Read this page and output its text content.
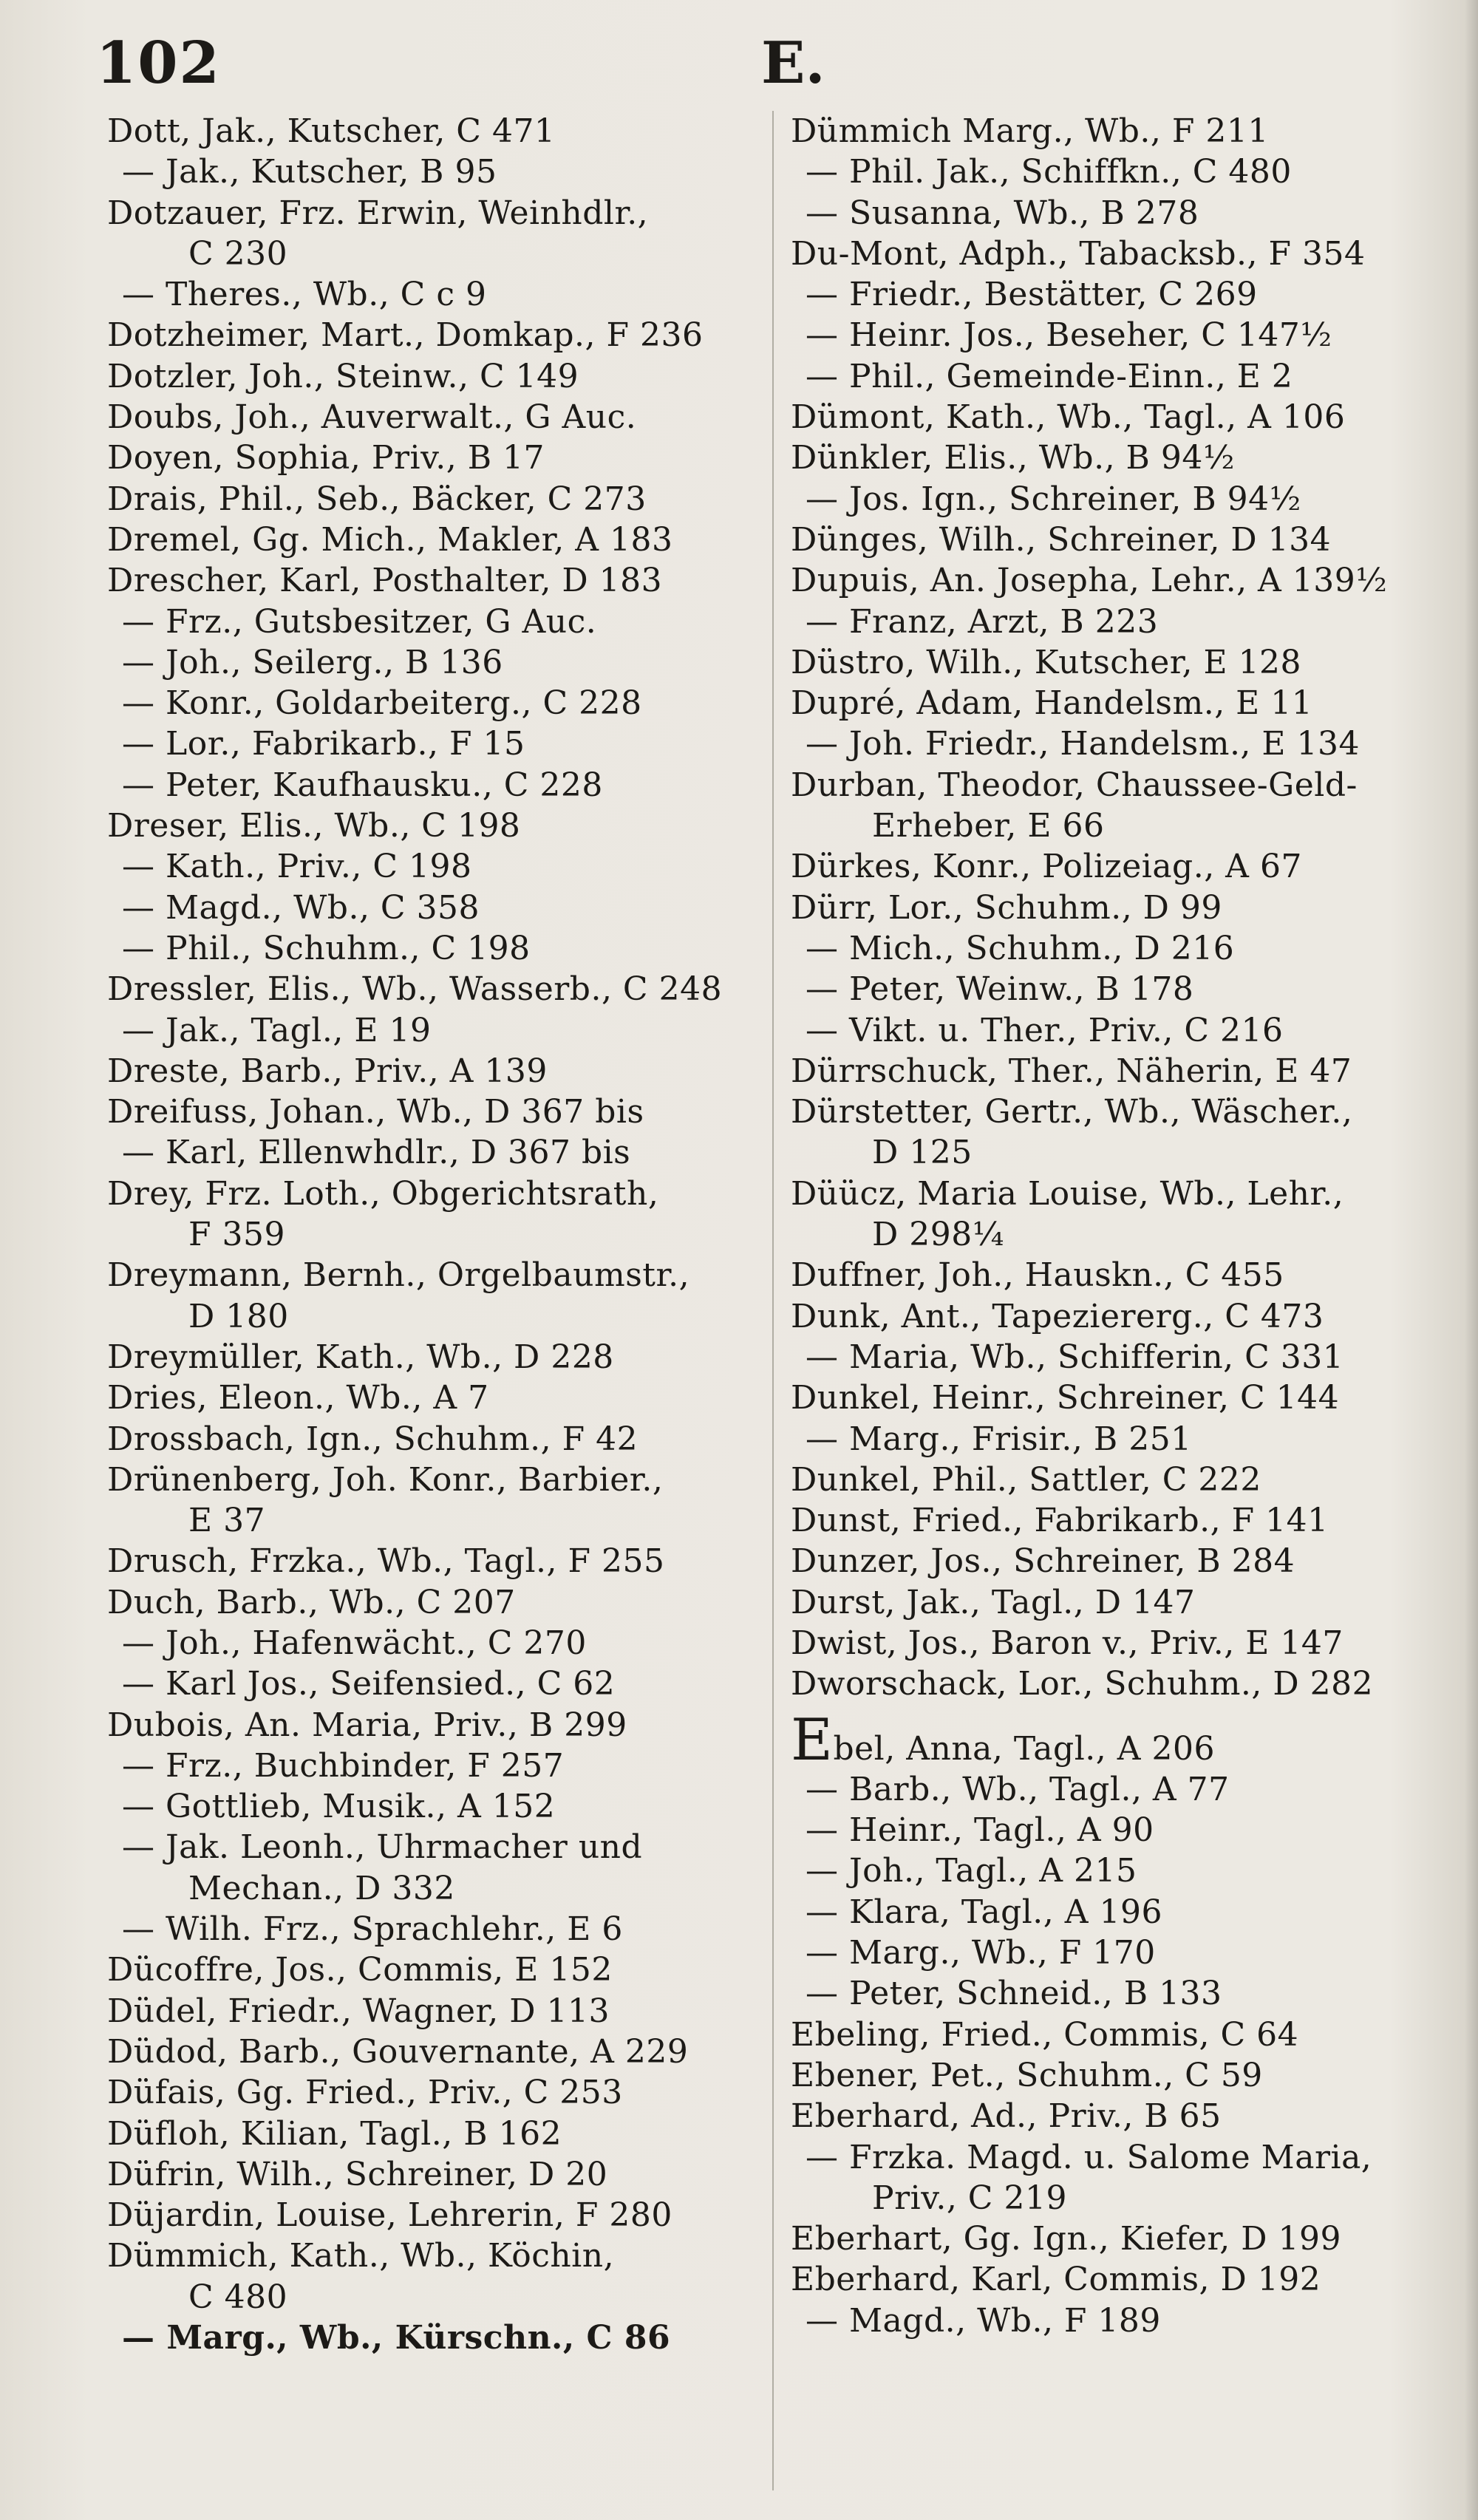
102	E.
Dott, Jak., Kutscher, C 471
— Jak., Kutscher, B 95
Dotzauer, Frz. Erwin, Weinhdlr.,
C 230
— Theres., Wb., C c 9
Dotzheimer, Mart., Domkap., F 236
Dotzler, Joh., Steinw., C 149
Doubs, Joh., Auverwalt., G Auc.
Doyen, Sophia, Priv., B 17
Drais, Phil., Seb., Bäcker, C 273
Dremel, Gg. Mich., Makler, A 183
Drescher, Karl, Posthalter, D 183
— Frz., Gutsbesitzer, G Auc.
— Joh., Seilerg., B 136
— Konr., Goldarbeiterg., C 228
— Lor., Fabrikarb., F 15
— Peter, Kaufhausku., C 228
Dreser, Elis., Wb., C 198
— Kath., Priv., C 198
— Magd., Wb., C 358
— Phil., Schuhm., C 198
Dressler, Elis., Wb., Wasserb., C 248
— Jak., Tagl., E 19
Dreste, Barb., Priv., A 139
Dreifuss, Johan., Wb., D 367 bis
— Karl, Ellenwhdlr., D 367 bis
Drey, Frz. Loth., Obgerichtsrath,
F 359
Dreymann, Bernh., Orgelbaumstr.,
D 180
Dreymüller, Kath., Wb., D 228
Dries, Eleon., Wb., A 7
Drossbach, Ign., Schuhm., F 42
Drünenberg, Joh. Konr., Barbier.,
E 37
Drusch, Frzka., Wb., Tagl., F 255
Duch, Barb., Wb., C 207
— Joh., Hafenwächt., C 270
— Karl Jos., Seifensied., C 62
Dubois, An. Maria, Priv., B 299
— Frz., Buchbinder, F 257
— Gottlieb, Musik., A 152
— Jak. Leonh., Uhrmacher und
Mechan., D 332
— Wilh. Frz., Sprachlehr., E 6
Dücoffre, Jos., Commis, E 152
Düdel, Friedr., Wagner, D 113
Düdod, Barb., Gouvernante, A 229
Düfais, Gg. Fried., Priv., C 253
Düfloh, Kilian, Tagl., B 162
Düfrin, Wilh., Schreiner, D 20
Düjardin, Louise, Lehrerin, F 280
Dümmich, Kath., Wb., Köchin,
C 480
— Marg., Wb., Kürschn., C 86
Dümmich Marg., Wb., F 211
— Phil. Jak., Schiffkn., C 480
— Susanna, Wb., B 278
Du-Mont, Adph., Tabacksb., F 354
— Friedr., Bestätter, C 269
— Heinr. Jos., Beseher, C 147½
— Phil., Gemeinde-Einn., E 2
Dümont, Kath., Wb., Tagl., A 106
Dünkler, Elis., Wb., B 94½
— Jos. Ign., Schreiner, B 94½
Dünges, Wilh., Schreiner, D 134
Dupuis, An. Josepha, Lehr., A 139½
— Franz, Arzt, B 223
Düstro, Wilh., Kutscher, E 128
Dupré, Adam, Handelsm., E 11
— Joh. Friedr., Handelsm., E 134
Durban, Theodor, Chaussee-Geld-
Erheber, E 66
Dürkes, Konr., Polizeiag., A 67
Dürr, Lor., Schuhm., D 99
— Mich., Schuhm., D 216
— Peter, Weinw., B 178
— Vikt. u. Ther., Priv., C 216
Dürrschuck, Ther., Näherin, E 47
Dürstetter, Gertr., Wb., Wäscher.,
D 125
Düücz, Maria Louise, Wb., Lehr.,
D 298¼
Duffner, Joh., Hauskn., C 455
Dunk, Ant., Tapeziererg., C 473
— Maria, Wb., Schifferin, C 331
Dunkel, Heinr., Schreiner, C 144
— Marg., Frisir., B 251
Dunkel, Phil., Sattler, C 222
Dunst, Fried., Fabrikarb., F 141
Dunzer, Jos., Schreiner, B 284
Durst, Jak., Tagl., D 147
Dwist, Jos., Baron v., Priv., E 147
Dworschack, Lor., Schuhm., D 282
Ebel, Anna, Tagl., A 206
— Barb., Wb., Tagl., A 77
— Heinr., Tagl., A 90
— Joh., Tagl., A 215
— Klara, Tagl., A 196
— Marg., Wb., F 170
— Peter, Schneid., B 133
Ebeling, Fried., Commis, C 64
Ebener, Pet., Schuhm., C 59
Eberhard, Ad., Priv., B 65
— Frzka. Magd. u. Salome Maria,
Priv., C 219
Eberhart, Gg. Ign., Kiefer, D 199
Eberhard, Karl, Commis, D 192
— Magd., Wb., F 189
